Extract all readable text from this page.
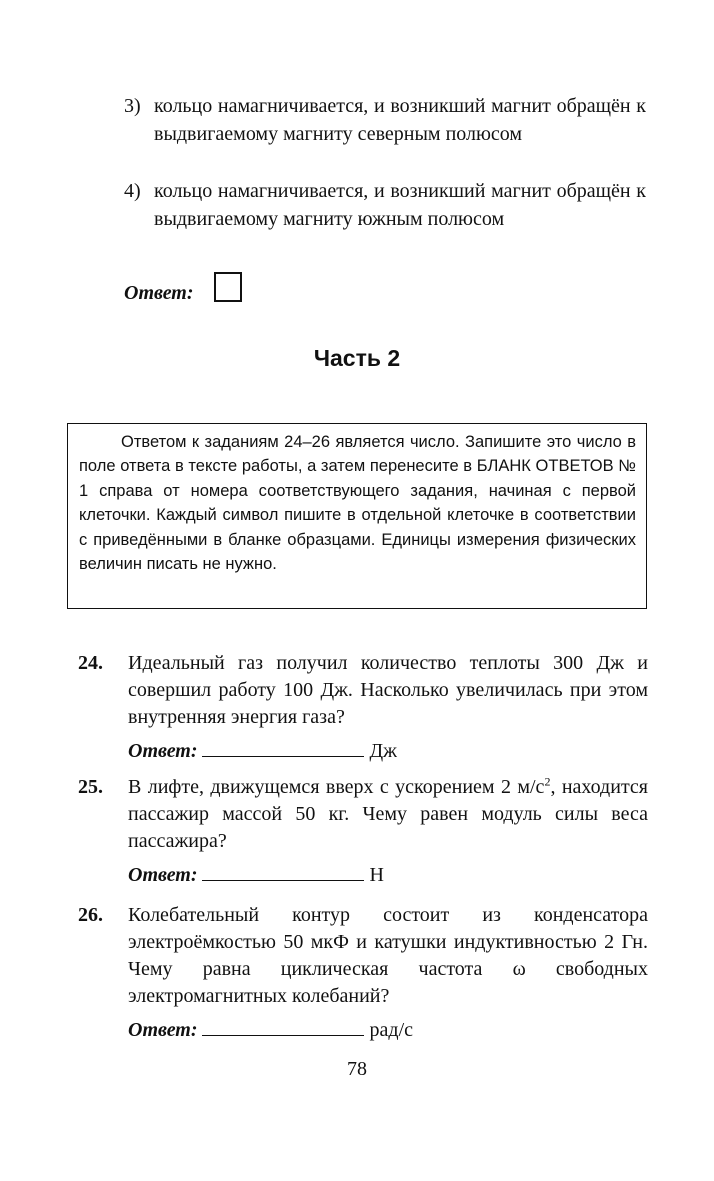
3) кольцо намагничивается, и возникший магнит обращён к выдвигаемому магниту северным полюсом
4) кольцо намагничивается, и возникший магнит обращён к выдвигаемому магниту южным полюсом
Ответ:
Часть 2
Ответом к заданиям 24–26 является число. Запишите это число в поле ответа в тексте работы, а затем перенесите в БЛАНК ОТВЕТОВ № 1 справа от номера соответствующего задания, начиная с первой клеточки. Каждый символ пишите в отдельной клеточке в соответствии с приведёнными в бланке образцами. Единицы измерения физических величин писать не нужно.
24. Идеальный газ получил количество теплоты 300 Дж и совершил работу 100 Дж. Насколько увеличилась при этом внутренняя энергия газа?
Ответ:	Дж
25. В лифте, движущемся вверх с ускорением 2 $м/с^2$, находится пассажир массой 50 кг. Чему равен модуль силы веса пассажира?
Ответ:	Н
26. Колебательный контур состоит из конденсатора электроёмкостью 50 мкФ и катушки индуктивностью 2 Гн. Чему равна циклическая частота ω свободных электромагнитных колебаний?
Ответ:	рад/с
78
